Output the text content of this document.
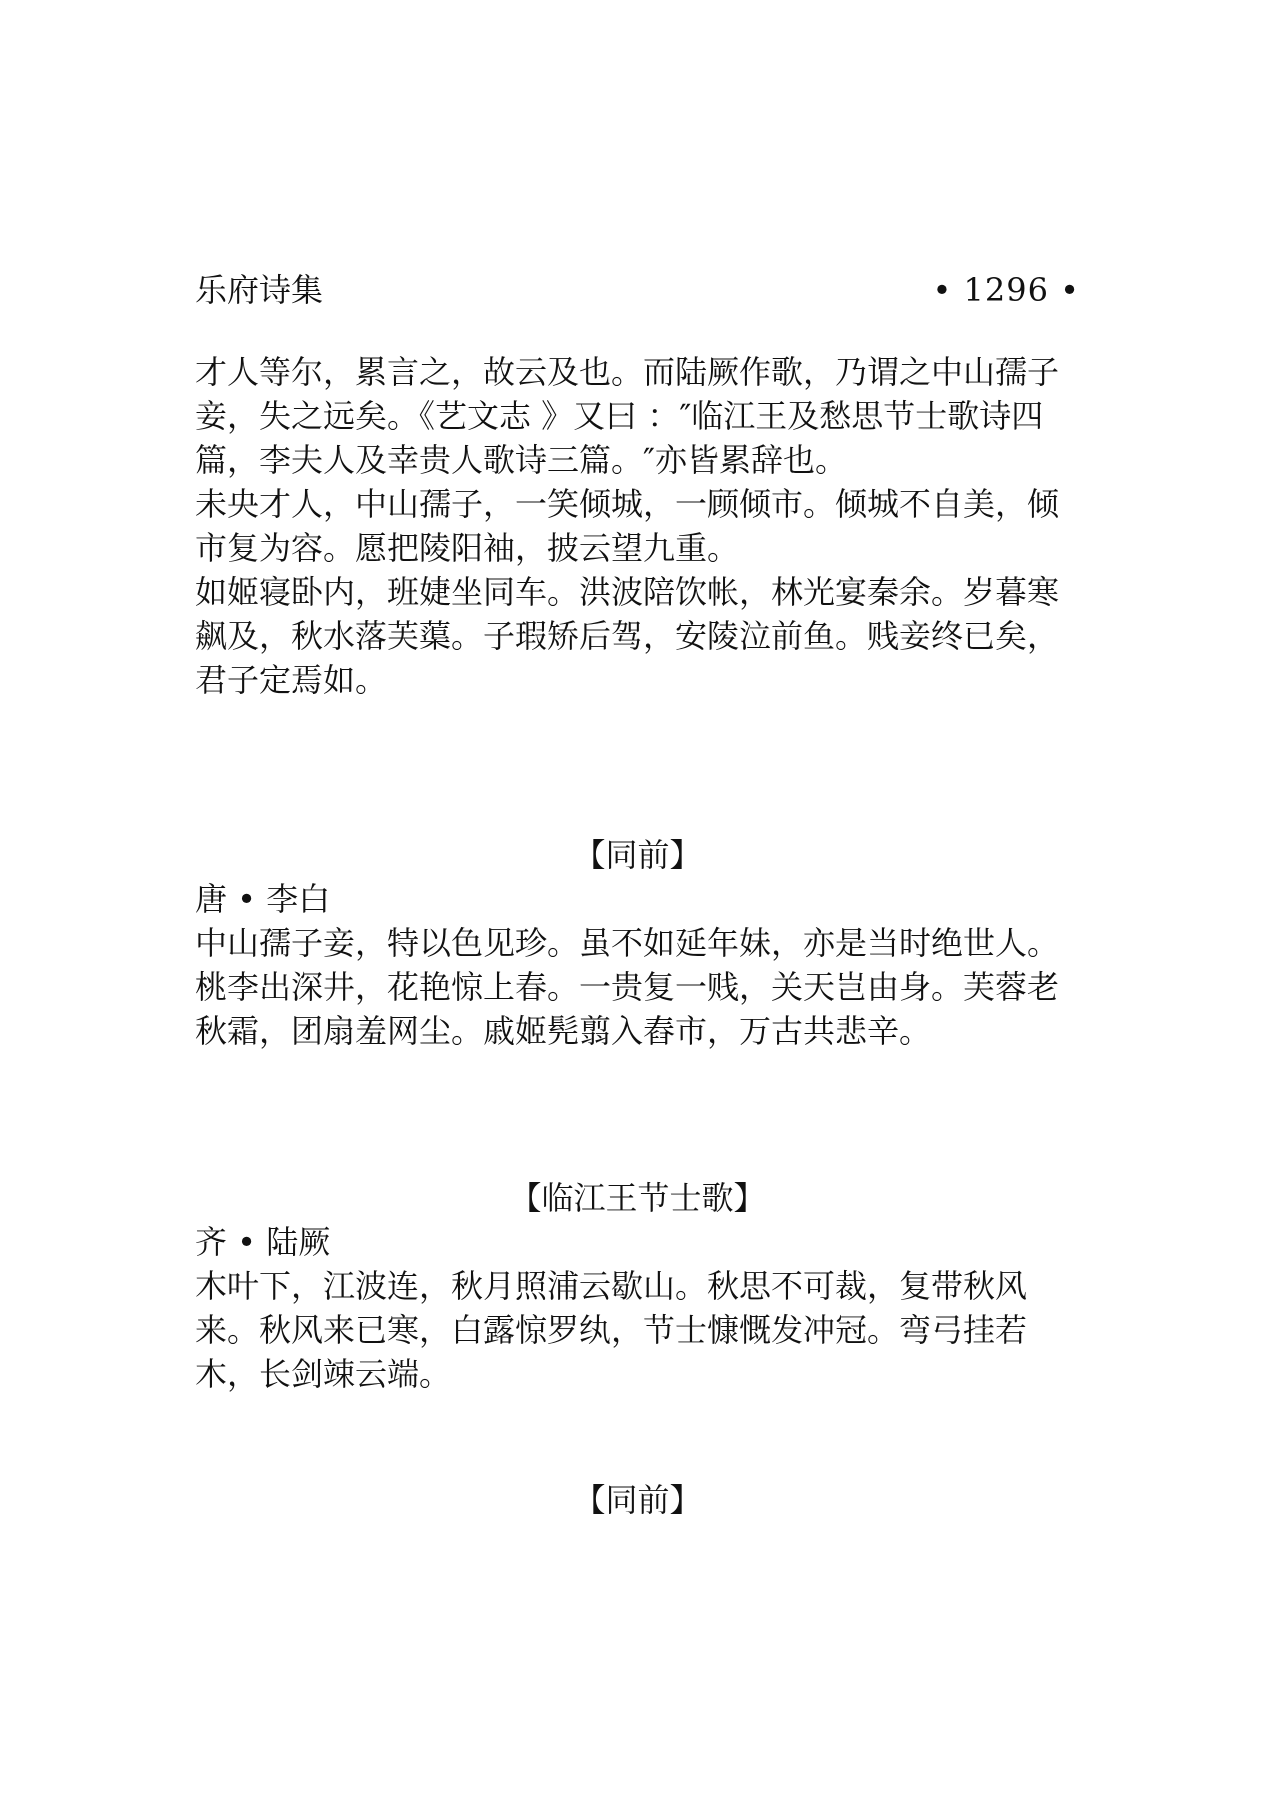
乐府诗集	• 1296 •

才人等尔，累言之，故云及也。而陆厥作歌，乃谓之中山孺子妾，失之远矣。《艺文志 》又曰 ：″临江王及愁思节士歌诗四篇，李夫人及幸贵人歌诗三篇。″亦皆累辞也。

未央才人，中山孺子，一笑倾城，一顾倾市。倾城不自美，倾市复为容。愿把陵阳袖，披云望九重。

如姬寝卧内，班婕坐同车。洪波陪饮帐，林光宴秦余。岁暮寒飙及，秋水落芙蕖。子瑕矫后驾，安陵泣前鱼。贱妾终已矣，君子定焉如。

【同前】

唐 • 李白

中山孺子妾，特以色见珍。虽不如延年妹，亦是当时绝世人。桃李出深井，花艳惊上春。一贵复一贱，关天岂由身。芙蓉老秋霜，团扇羞网尘。戚姬髡翦入舂市，万古共悲辛。

【临江王节士歌】

齐 • 陆厥

木叶下，江波连，秋月照浦云歇山。秋思不可裁，复带秋风来。秋风来已寒，白露惊罗纨，节士慷慨发冲冠。弯弓挂若木，长剑竦云端。

【同前】
